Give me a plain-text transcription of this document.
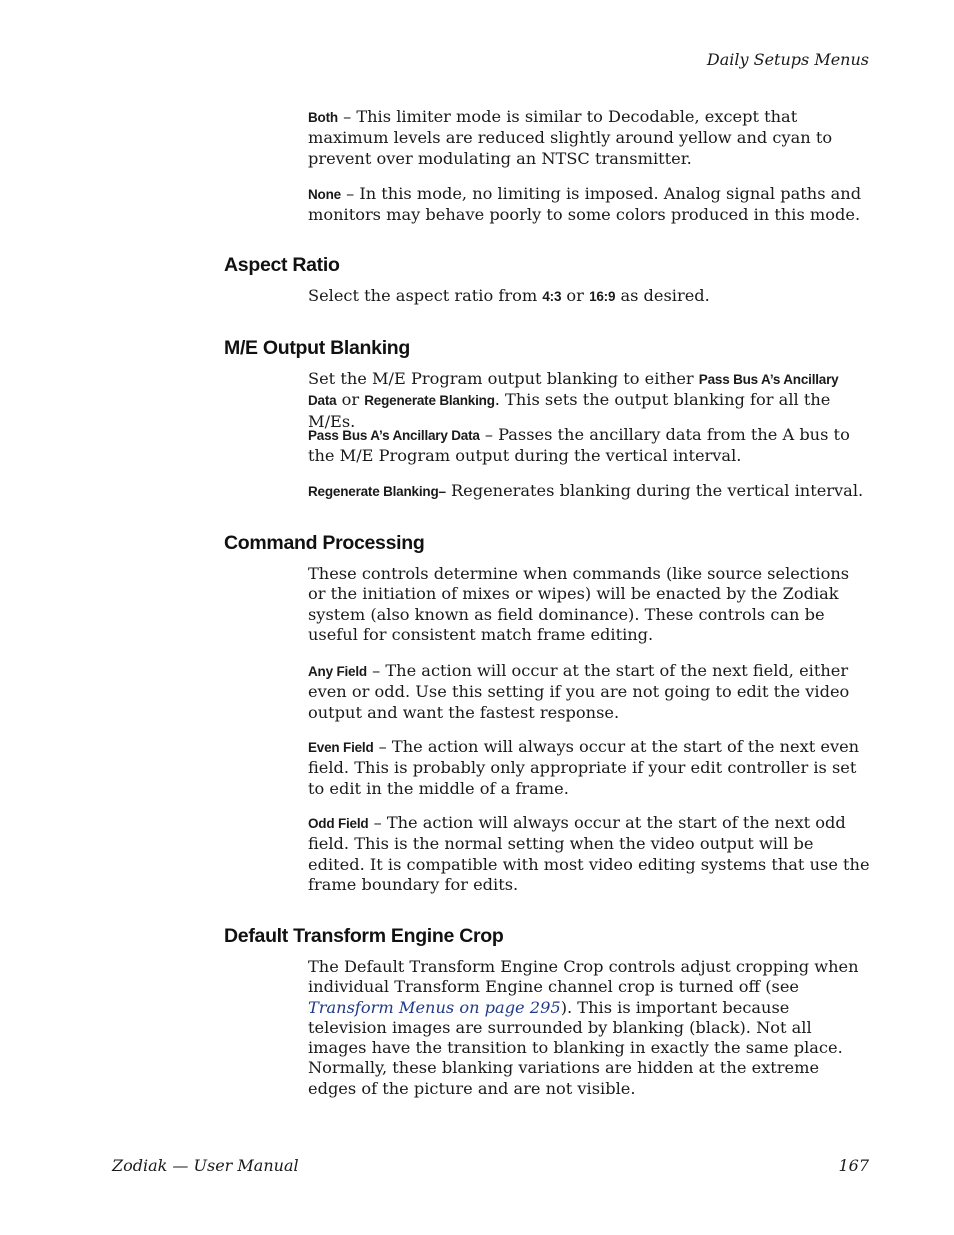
Daily Setups Menus

Both – This limiter mode is similar to Decodable, except that maximum levels are reduced slightly around yellow and cyan to prevent over modulating an NTSC transmitter.

None – In this mode, no limiting is imposed. Analog signal paths and monitors may behave poorly to some colors produced in this mode.

Aspect Ratio

Select the aspect ratio from 4:3 or 16:9 as desired.

M/E Output Blanking

Set the M/E Program output blanking to either Pass Bus A’s Ancillary Data or Regenerate Blanking. This sets the output blanking for all the M/Es.

Pass Bus A’s Ancillary Data – Passes the ancillary data from the A bus to the M/E Program output during the vertical interval.

Regenerate Blanking– Regenerates blanking during the vertical interval.

Command Processing

These controls determine when commands (like source selections or the initiation of mixes or wipes) will be enacted by the Zodiak system (also known as field dominance). These controls can be useful for consistent match frame editing.

Any Field – The action will occur at the start of the next field, either even or odd. Use this setting if you are not going to edit the video output and want the fastest response.

Even Field – The action will always occur at the start of the next even field. This is probably only appropriate if your edit controller is set to edit in the middle of a frame.

Odd Field – The action will always occur at the start of the next odd field. This is the normal setting when the video output will be edited. It is compatible with most video editing systems that use the frame boundary for edits.

Default Transform Engine Crop

The Default Transform Engine Crop controls adjust cropping when individual Transform Engine channel crop is turned off (see Transform Menus on page 295). This is important because television images are surrounded by blanking (black). Not all images have the transition to blanking in exactly the same place. Normally, these blanking variations are hidden at the extreme edges of the picture and are not visible.

Zodiak — User Manual	167
